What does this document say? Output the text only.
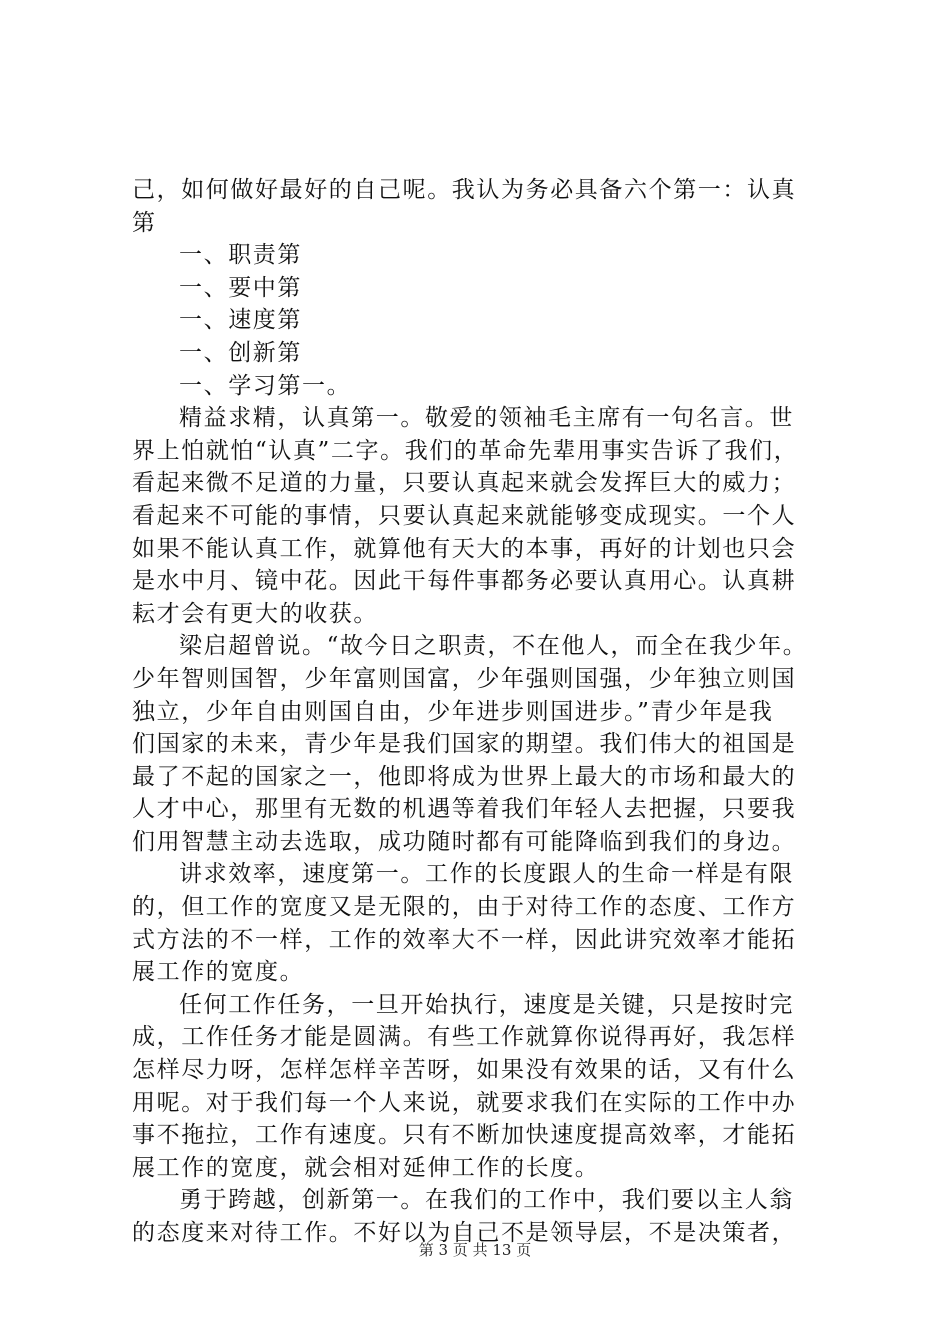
己，如何做好最好的自己呢。我认为务必具备六个第一：认真
第
一、职责第
一、要中第
一、速度第
一、创新第
一、学习第一。
精益求精，认真第一。敬爱的领袖毛主席有一句名言。世
界上怕就怕“认真”二字。我们的革命先辈用事实告诉了我们，
看起来微不足道的力量，只要认真起来就会发挥巨大的威力；
看起来不可能的事情，只要认真起来就能够变成现实。一个人
如果不能认真工作，就算他有天大的本事，再好的计划也只会
是水中月、镜中花。因此干每件事都务必要认真用心。认真耕
耘才会有更大的收获。
梁启超曾说。“故今日之职责，不在他人，而全在我少年。
少年智则国智，少年富则国富，少年强则国强，少年独立则国
独立，少年自由则国自由，少年进步则国进步。”青少年是我
们国家的未来，青少年是我们国家的期望。我们伟大的祖国是
最了不起的国家之一，他即将成为世界上最大的市场和最大的
人才中心，那里有无数的机遇等着我们年轻人去把握，只要我
们用智慧主动去选取，成功随时都有可能降临到我们的身边。
讲求效率，速度第一。工作的长度跟人的生命一样是有限
的，但工作的宽度又是无限的，由于对待工作的态度、工作方
式方法的不一样，工作的效率大不一样，因此讲究效率才能拓
展工作的宽度。
任何工作任务，一旦开始执行，速度是关键，只是按时完
成，工作任务才能是圆满。有些工作就算你说得再好，我怎样
怎样尽力呀，怎样怎样辛苦呀，如果没有效果的话，又有什么
用呢。对于我们每一个人来说，就要求我们在实际的工作中办
事不拖拉，工作有速度。只有不断加快速度提高效率，才能拓
展工作的宽度，就会相对延伸工作的长度。
勇于跨越，创新第一。在我们的工作中，我们要以主人翁
的态度来对待工作。不好以为自己不是领导层，不是决策者，
第 3 页 共 13 页
